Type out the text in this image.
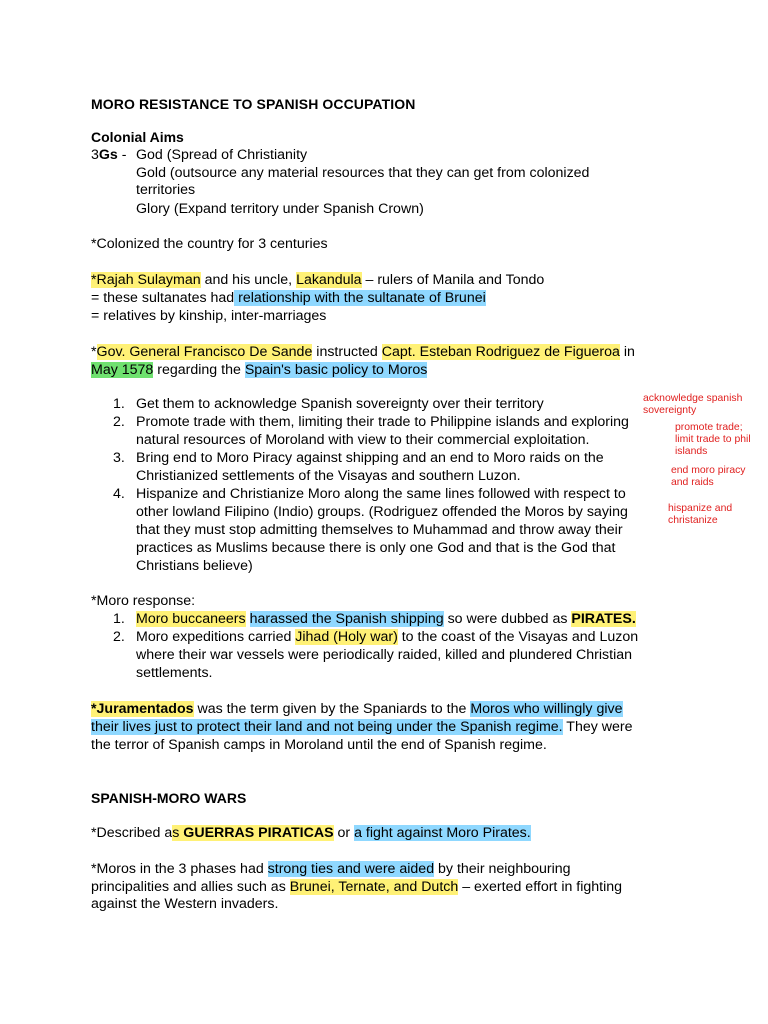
MORO RESISTANCE TO SPANISH OCCUPATION
Colonial Aims
3Gs - God (Spread of Christianity
Gold (outsource any material resources that they can get from colonized
territories
Glory (Expand territory under Spanish Crown)
*Colonized the country for 3 centuries
*Rajah Sulayman and his uncle, Lakandula – rulers of Manila and Tondo
= these sultanates had relationship with the sultanate of Brunei
= relatives by kinship, inter-marriages
*Gov. General Francisco De Sande instructed Capt. Esteban Rodriguez de Figueroa in
May 1578 regarding the Spain's basic policy to Moros
1. Get them to acknowledge Spanish sovereignty over their territory
2. Promote trade with them, limiting their trade to Philippine islands and exploring
natural resources of Moroland with view to their commercial exploitation.
3. Bring end to Moro Piracy against shipping and an end to Moro raids on the
Christianized settlements of the Visayas and southern Luzon.
4. Hispanize and Christianize Moro along the same lines followed with respect to
other lowland Filipino (Indio) groups. (Rodriguez offended the Moros by saying
that they must stop admitting themselves to Muhammad and throw away their
practices as Muslims because there is only one God and that is the God that
Christians believe)
acknowledge spanish
sovereignty
promote trade;
limit trade to phil
islands
end moro piracy
and raids
hispanize and
christanize
*Moro response:
1. Moro buccaneers harassed the Spanish shipping so were dubbed as PIRATES.
2. Moro expeditions carried Jihad (Holy war) to the coast of the Visayas and Luzon
where their war vessels were periodically raided, killed and plundered Christian
settlements.
*Juramentados was the term given by the Spaniards to the Moros who willingly give
their lives just to protect their land and not being under the Spanish regime. They were
the terror of Spanish camps in Moroland until the end of Spanish regime.
SPANISH-MORO WARS
*Described as GUERRAS PIRATICAS or a fight against Moro Pirates.
*Moros in the 3 phases had strong ties and were aided by their neighbouring
principalities and allies such as Brunei, Ternate, and Dutch – exerted effort in fighting
against the Western invaders.
